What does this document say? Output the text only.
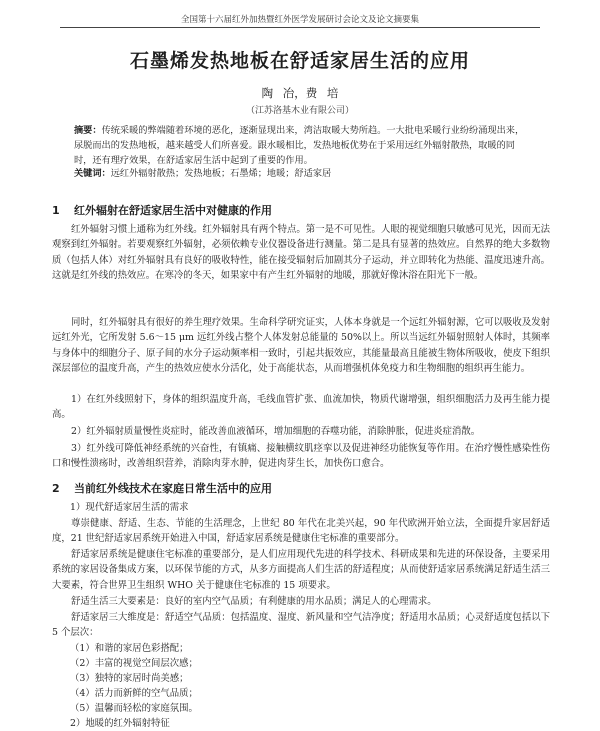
全国第十六届红外加热暨红外医学发展研讨会论文及论文摘要集
石墨烯发热地板在舒适家居生活的应用
陶 冶，费 培
（江苏洛基木业有限公司）
摘要：传统采暖的弊端随着环境的恶化，逐渐显现出来，湾洁取暖大势所趋。一大批电采暖行业纷纷涌现出来，尿脱而出的发热地板，越来越受人们所喜爱。跟水暖相比，发热地板优势在于采用远红外辐射散热，取暖的同时，还有理疗效果，在舒适家居生活中起到了重要的作用。
关键词：远红外辐射散热；发热地板；石墨烯；地暖；舒适家居
1 红外辐射在舒适家居生活中对健康的作用
红外辐射习惯上通称为红外线。红外辐射具有两个特点。第一是不可见性。人眼的视觉细胞只敏感可见光，因而无法观察到红外辐射。若要观察红外辐射，必须依赖专业仪器设备进行测量。第二是具有显著的热效应。自然界的绝大多数物质（包括人体）对红外辐射具有良好的吸收特性，能在接受辐射后加剧其分子运动，并立即转化为热能、温度迅速升高。这就是红外线的热效应。在寒冷的冬天，如果家中有产生红外辐射的地暖，那就好像沐浴在阳光下一般。
同时，红外辐射具有很好的养生理疗效果。生命科学研究证实，人体本身就是一个远红外辐射源，它可以吸收及发射远红外光，它所发射 5.6～15 μm 远红外线占整个人体发射总能量的 50%以上。所以当远红外辐射照射人体时，其频率与身体中的细胞分子、原子间的水分子运动频率相一致时，引起共振效应，其能量最高且能被生物体所吸收，使皮下组织深层部位的温度升高，产生的热效应使水分活化，处于高能状态，从而增强机体免疫力和生物细胞的组织再生能力。
1）在红外线照射下，身体的组织温度升高，毛线血管扩张、血流加快，物质代谢增强，组织细胞活力及再生能力提高。
2）红外辐射质量慢性炎症时，能改善血液循环，增加细胞的吞噬功能，消除肿胀，促进炎症消散。
3）红外线可降低神经系统的兴奋性，有镇痛、接触横纹肌痉挛以及促进神经功能恢复等作用。在治疗慢性感染性伤口和慢性溃疡时，改善组织营养，消除肉芽水肿，促进肉芽生长，加快伤口愈合。
2 当前红外线技术在家庭日常生活中的应用
1）现代舒适家居生活的需求
尊崇健康、舒适、生态、节能的生活理念，上世纪 80 年代在北美兴起，90 年代欧洲开始立法，全面提升家居舒适度，21 世纪舒适家居系统开始进入中国，舒适家居系统是健康住宅标准的重要部分。
舒适家居系统是健康住宅标准的重要部分，是人们应用现代先进的科学技术、科研成果和先进的环保设备，主要采用系统的家居设备集成方案，以环保节能的方式，从多方面提高人们生活的舒适程度；从而使舒适家居系统满足舒适生活三大要素，符合世界卫生组织 WHO 关于健康住宅标准的 15 项要求。
舒适生活三大要素是：良好的室内空气品质；有利健康的用水品质；满足人的心理需求。
舒适家居三大维度是：舒适空气品质：包括温度、湿度、新风量和空气洁净度；舒适用水品质；心灵舒适度包括以下 5 个层次：
（1）和谐的家居色彩搭配；
（2）丰富的视觉空间层次感；
（3）独特的家居时尚美感；
（4）活力而新鲜的空气品质；
（5）温馨而轻松的家庭氛围。
2）地暖的红外辐射特征
